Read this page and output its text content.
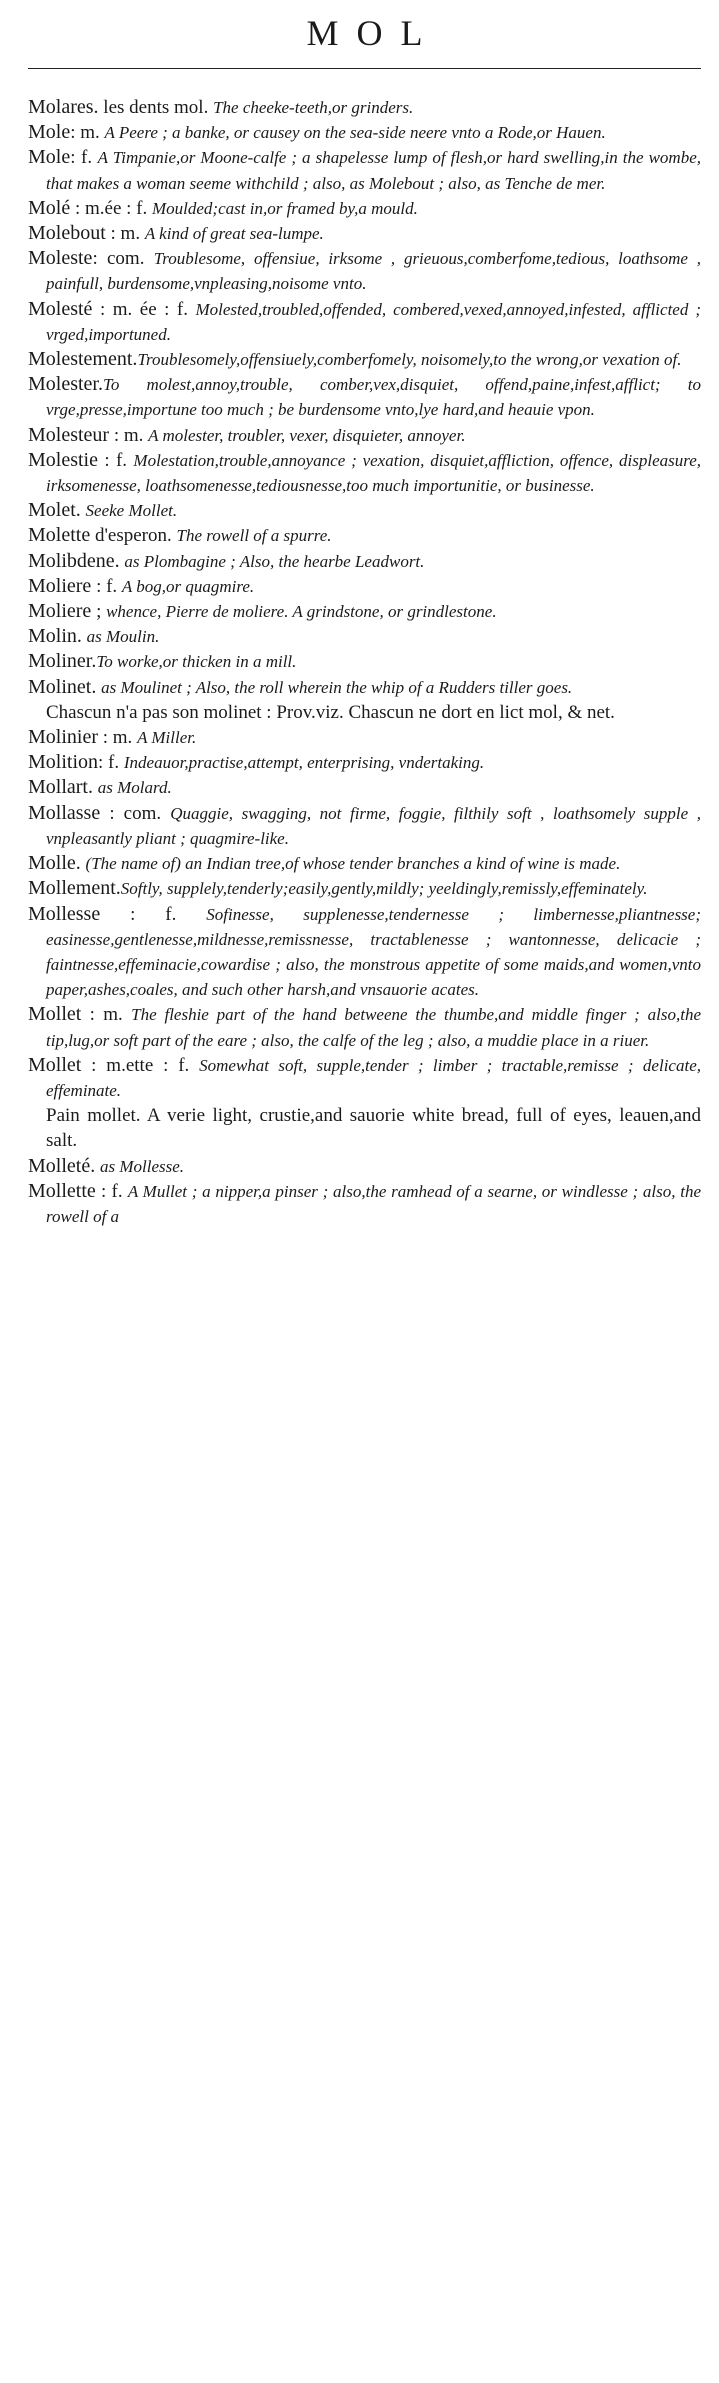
MOL

Molares. les dents mol. The cheeke-teeth,or grinders.

Mole: m. A Peere ; a banke, or causey on the sea-side neere vnto a Rode,or Hauen.

Mole: f. A Timpanie,or Moone-calfe ; a shapelesse lump of flesh,or hard swelling,in the wombe, that makes a woman seeme withchild ; also, as Molebout ; also, as Tenche de mer.

Molé : m.ée : f. Moulded;cast in,or framed by,a mould.

Molebout : m. A kind of great sea-lumpe.

Molestе: com. Troublesome, offensiue, irksome , grieuous,comberfome,tedious, loathsome , painfull, burdensome,vnpleasing,noisome vnto.

Molesté : m. ée : f. Molested,troubled,offended, combered,vexed,annoyed,infested, afflicted ; vrged,importuned.

Molestement.Troublesomely,offensiuely,comberfomely, noisomely,to the wrong,or vexation of.

Molester.To molest,annoy,trouble, comber,vex,disquiet, offend,paine,infest,afflict; to vrge,presse,importune too much ; be burdensome vnto,lye hard,and heauie vpon.

Molesteur : m. A molester, troubler, vexer, disquieter, annoyer.

Molestie : f. Molestation,trouble,annoyance ; vexation, disquiet,affliction, offence, displeasure, irksomenesse, loathsomenesse,tediousnesse,too much importunitie, or businesse.

Molet. Seeke Mollet.

Molette d'esperon. The rowell of a spurre.

Molibdene. as Plombagine ; Also, the hearbe Leadwort.

Moliere : f. A bog,or quagmire.

Moliere ; whence, Pierre de moliere. A grindstone, or grindlestone.

Molin. as Moulin.

Moliner.To worke,or thicken in a mill.

Molinet. as Moulinet ; Also, the roll wherein the whip of a Rudders tiller goes.

Chascun n'a pas son molinet : Prov.viz. Chascun ne dort en lict mol, & net.

Molinier : m. A Miller.

Molition: f. Indeauor,practise,attempt, enterprising, vndertaking.

Mollart. as Molard.

Mollasse : com. Quaggie, swagging, not firme, foggie, filthily soft , loathsomely supple , vnpleasantly pliant ; quagmire-like.

Molle. (The name of) an Indian tree,of whose tender branches a kind of wine is made.

Mollement.Softly, supplely,tenderly;easily,gently,mildly; yeeldingly,remissly,effeminately.

Mollesse : f. Sofinesse, supplenesse,tendernesse ; limbernesse,pliantnesse; easinesse,gentlenesse,mildnesse,remissnesse, tractablenesse ; wantonnesse, delicacie ; faintnesse,effeminacie,cowardise ; also, the monstrous appetite of some maids,and women,vnto paper,ashes,coales, and such other harsh,and vnsauorie acates.

Mollet : m. The fleshie part of the hand betweene the thumbe,and middle finger ; also,the tip,lug,or soft part of the eare ; also, the calfe of the leg ; also, a muddie place in a riuer.

Mollet : m.ette : f. Somewhat soft, supple,tender ; limber ; tractable,remisse ; delicate, effeminate.

Pain mollet. A verie light, crustie,and sauorie white bread, full of eyes, leauen,and salt.

Molleté. as Mollesse.

Mollette : f. A Mullet ; a nipper,a pinser ; also,the ramhead of a searne, or windlesse ; also, the rowell of a
